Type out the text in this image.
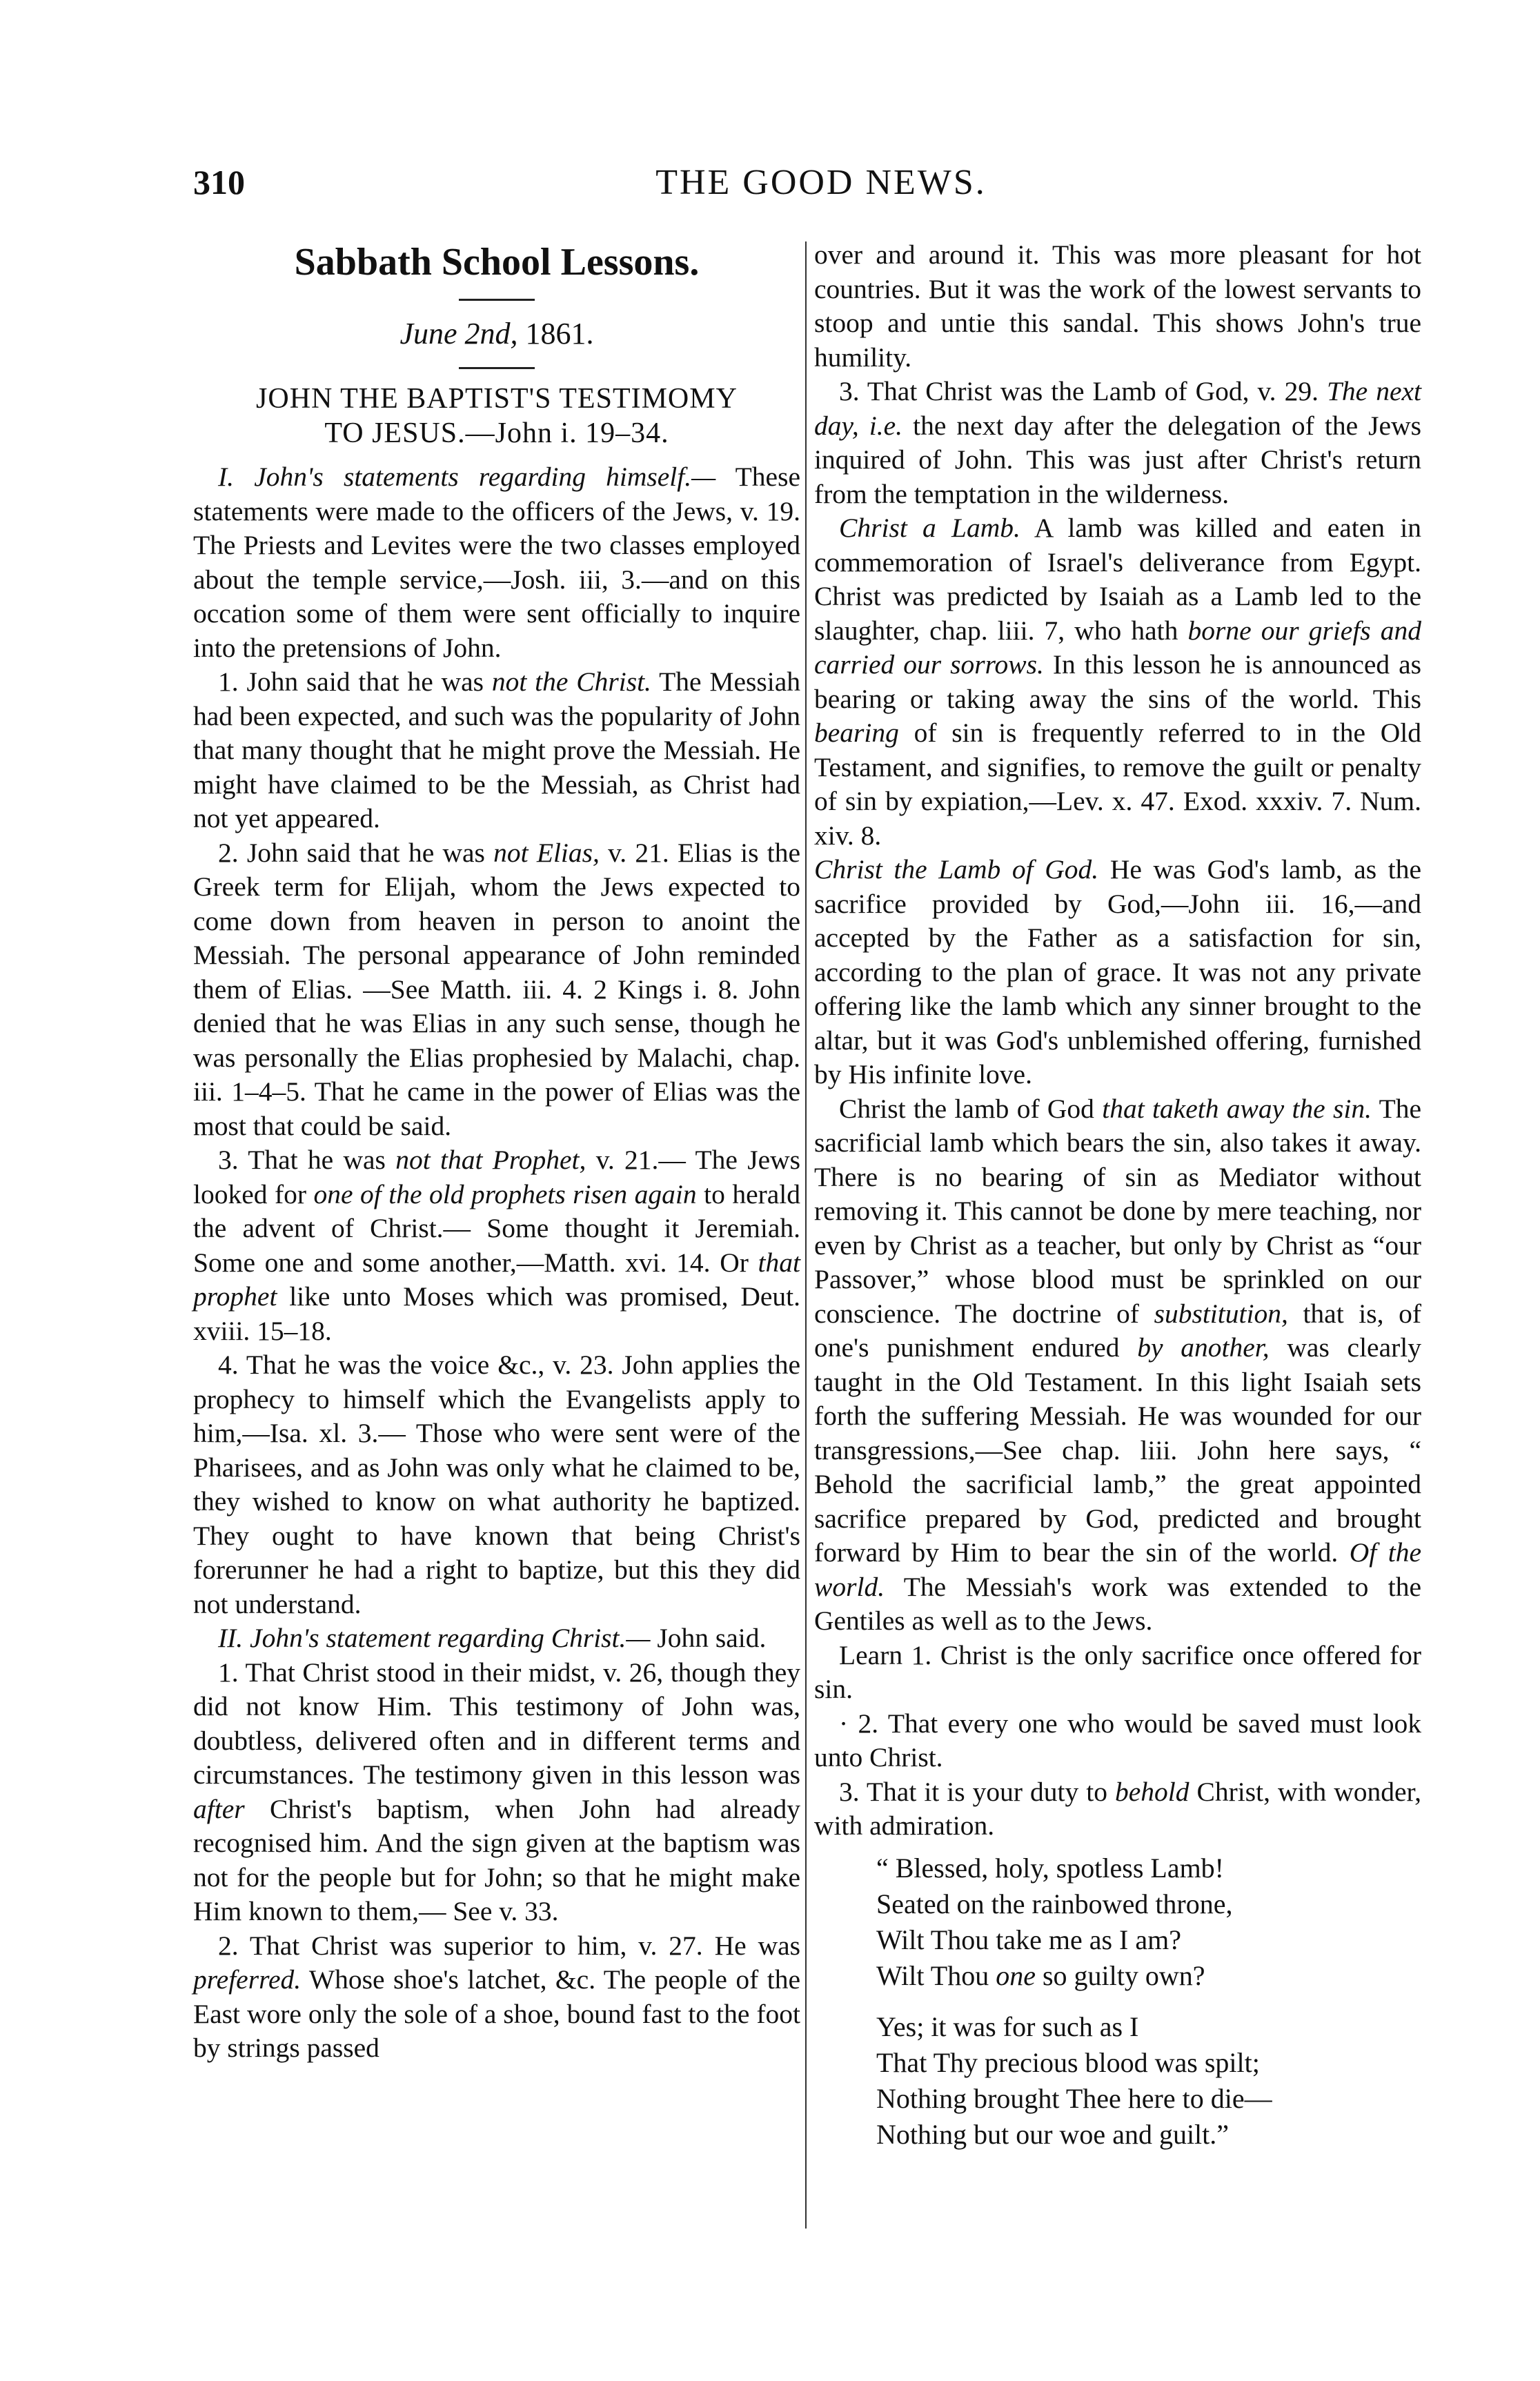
310	THE GOOD NEWS.
Sabbath School Lessons.
June 2nd, 1861.
JOHN THE BAPTIST'S TESTIMOMY
TO JESUS.—John i. 19–34.

I. John's statements regarding himself.— These statements were made to the officers of the Jews, v. 19. The Priests and Levites were the two classes employed about the temple service,—Josh. iii, 3.—and on this occation some of them were sent officially to inquire into the pretensions of John.

1. John said that he was not the Christ. The Messiah had been expected, and such was the popularity of John that many thought that he might prove the Messiah. He might have claimed to be the Messiah, as Christ had not yet appeared.

2. John said that he was not Elias, v. 21. Elias is the Greek term for Elijah, whom the Jews expected to come down from heaven in person to anoint the Messiah. The personal appearance of John reminded them of Elias. —See Matth. iii. 4. 2 Kings i. 8. John denied that he was Elias in any such sense, though he was personally the Elias prophesied by Malachi, chap. iii. 1–4–5. That he came in the power of Elias was the most that could be said.

3. That he was not that Prophet, v. 21.— The Jews looked for one of the old prophets risen again to herald the advent of Christ.— Some thought it Jeremiah. Some one and some another,—Matth. xvi. 14. Or that prophet like unto Moses which was promised, Deut. xviii. 15–18.

4. That he was the voice &c., v. 23. John applies the prophecy to himself which the Evangelists apply to him,—Isa. xl. 3.— Those who were sent were of the Pharisees, and as John was only what he claimed to be, they wished to know on what authority he baptized. They ought to have known that being Christ's forerunner he had a right to baptize, but this they did not understand.

II. John's statement regarding Christ.— John said.

1. That Christ stood in their midst, v. 26, though they did not know Him. This testimony of John was, doubtless, delivered often and in different terms and circumstances. The testimony given in this lesson was after Christ's baptism, when John had already recognised him. And the sign given at the baptism was not for the people but for John; so that he might make Him known to them,— See v. 33.

2. That Christ was superior to him, v. 27. He was preferred. Whose shoe's latchet, &c. The people of the East wore only the sole of a shoe, bound fast to the foot by strings passed

over and around it. This was more pleasant for hot countries. But it was the work of the lowest servants to stoop and untie this sandal. This shows John's true humility.

3. That Christ was the Lamb of God, v. 29. The next day, i.e. the next day after the delegation of the Jews inquired of John. This was just after Christ's return from the temptation in the wilderness.

Christ a Lamb. A lamb was killed and eaten in commemoration of Israel's deliverance from Egypt. Christ was predicted by Isaiah as a Lamb led to the slaughter, chap. liii. 7, who hath borne our griefs and carried our sorrows. In this lesson he is announced as bearing or taking away the sins of the world. This bearing of sin is frequently referred to in the Old Testament, and signifies, to remove the guilt or penalty of sin by expiation,—Lev. x. 47. Exod. xxxiv. 7. Num. xiv. 8.

Christ the Lamb of God. He was God's lamb, as the sacrifice provided by God,—John iii. 16,—and accepted by the Father as a satisfaction for sin, according to the plan of grace. It was not any private offering like the lamb which any sinner brought to the altar, but it was God's unblemished offering, furnished by His infinite love.

Christ the lamb of God that taketh away the sin. The sacrificial lamb which bears the sin, also takes it away. There is no bearing of sin as Mediator without removing it. This cannot be done by mere teaching, nor even by Christ as a teacher, but only by Christ as “our Passover,” whose blood must be sprinkled on our conscience. The doctrine of substitution, that is, of one's punishment endured by another, was clearly taught in the Old Testament. In this light Isaiah sets forth the suffering Messiah. He was wounded for our transgressions,—See chap. liii. John here says, “ Behold the sacrificial lamb,” the great appointed sacrifice prepared by God, predicted and brought forward by Him to bear the sin of the world. Of the world. The Messiah's work was extended to the Gentiles as well as to the Jews.

Learn 1. Christ is the only sacrifice once offered for sin.

· 2. That every one who would be saved must look unto Christ.

3. That it is your duty to behold Christ, with wonder, with admiration.

“ Blessed, holy, spotless Lamb!
Seated on the rainbowed throne,
Wilt Thou take me as I am?
Wilt Thou one so guilty own?
Yes; it was for such as I
That Thy precious blood was spilt;
Nothing brought Thee here to die—
Nothing but our woe and guilt.”
